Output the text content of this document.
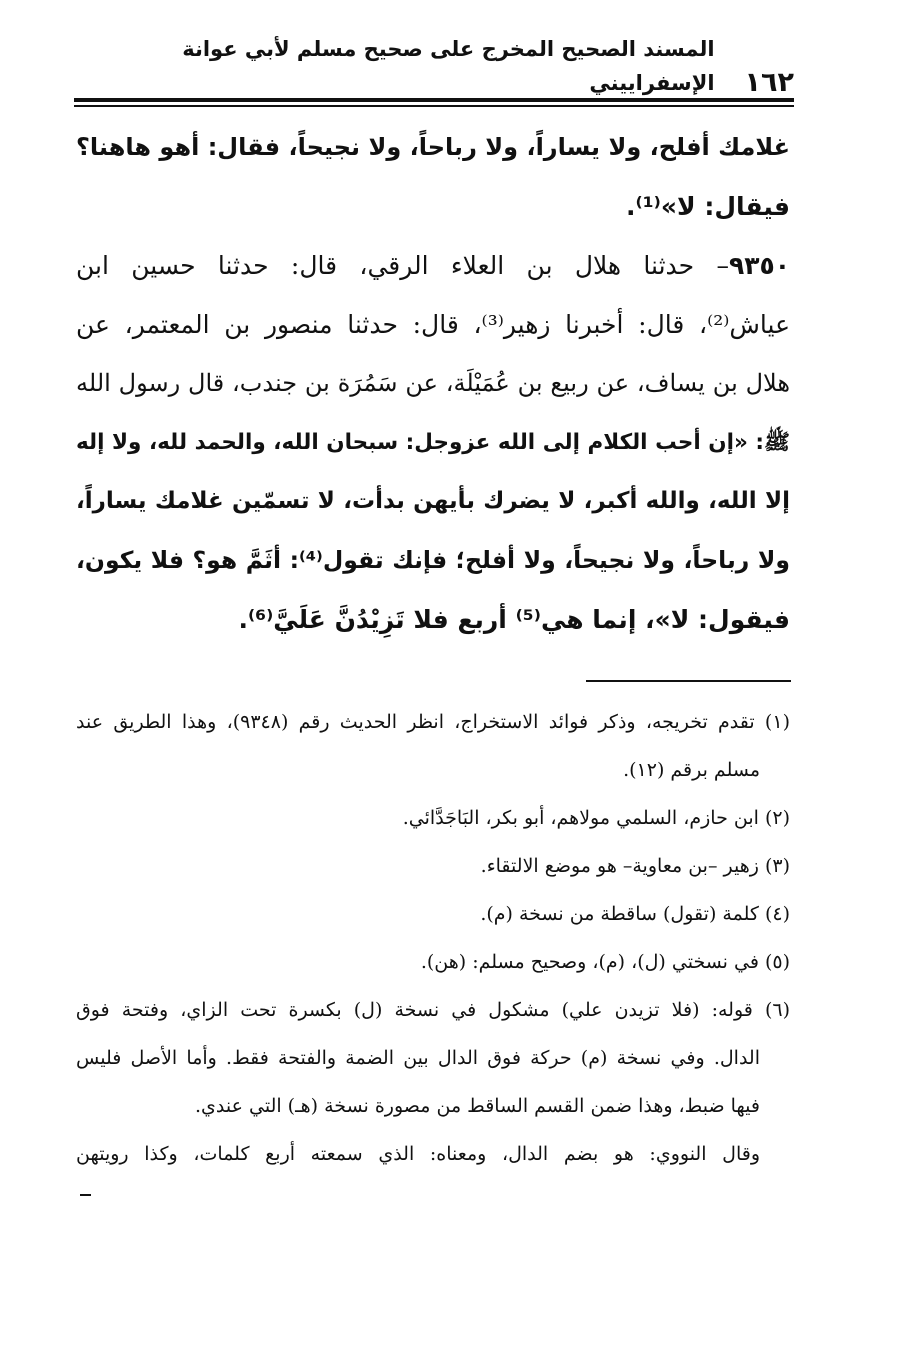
١٦٢
المسند الصحيح المخرج على صحيح مسلم لأبي عوانة الإسفراييني
غلامك أفلح، ولا يساراً، ولا رباحاً، ولا نجيحاً، فقال: أهو هاهنا؟
فيقال: لا»⁽¹⁾.
٩٣٥٠– حدثنا هلال بن العلاء الرقي، قال: حدثنا حسين ابن
عياش⁽²⁾، قال: أخبرنا زهير⁽³⁾، قال: حدثنا منصور بن المعتمر، عن
هلال بن يساف، عن ربيع بن عُمَيْلَة، عن سَمُرَة بن جندب، قال رسول الله
ﷺ: «إن أحب الكلام إلى الله عزوجل: سبحان الله، والحمد لله، ولا إله
إلا الله، والله أكبر، لا يضرك بأيهن بدأت، لا تسمّين غلامك يساراً،
ولا رباحاً، ولا نجيحاً، ولا أفلح؛ فإنك تقول⁽⁴⁾: أثَمَّ هو؟ فلا يكون،
فيقول: لا»، إنما هي⁽⁵⁾ أربع فلا تَزِيْدُنَّ عَلَيَّ⁽⁶⁾.
(١) تقدم تخريجه، وذكر فوائد الاستخراج، انظر الحديث رقم (٩٣٤٨)، وهذا الطريق عند
مسلم برقم (١٢).
(٢) ابن حازم، السلمي مولاهم، أبو بكر، البَاجَدَّائي.
(٣) زهير –بن معاوية– هو موضع الالتقاء.
(٤) كلمة (تقول) ساقطة من نسخة (م).
(٥) في نسختي (ل)، (م)، وصحيح مسلم: (هن).
(٦) قوله: (فلا تزيدن علي) مشكول في نسخة (ل) بكسرة تحت الزاي، وفتحة فوق
الدال. وفي نسخة (م) حركة فوق الدال بين الضمة والفتحة فقط. وأما الأصل فليس
فيها ضبط، وهذا ضمن القسم الساقط من مصورة نسخة (هـ) التي عندي.
وقال النووي: هو بضم الدال، ومعناه: الذي سمعته أربع كلمات، وكذا رويتهن
